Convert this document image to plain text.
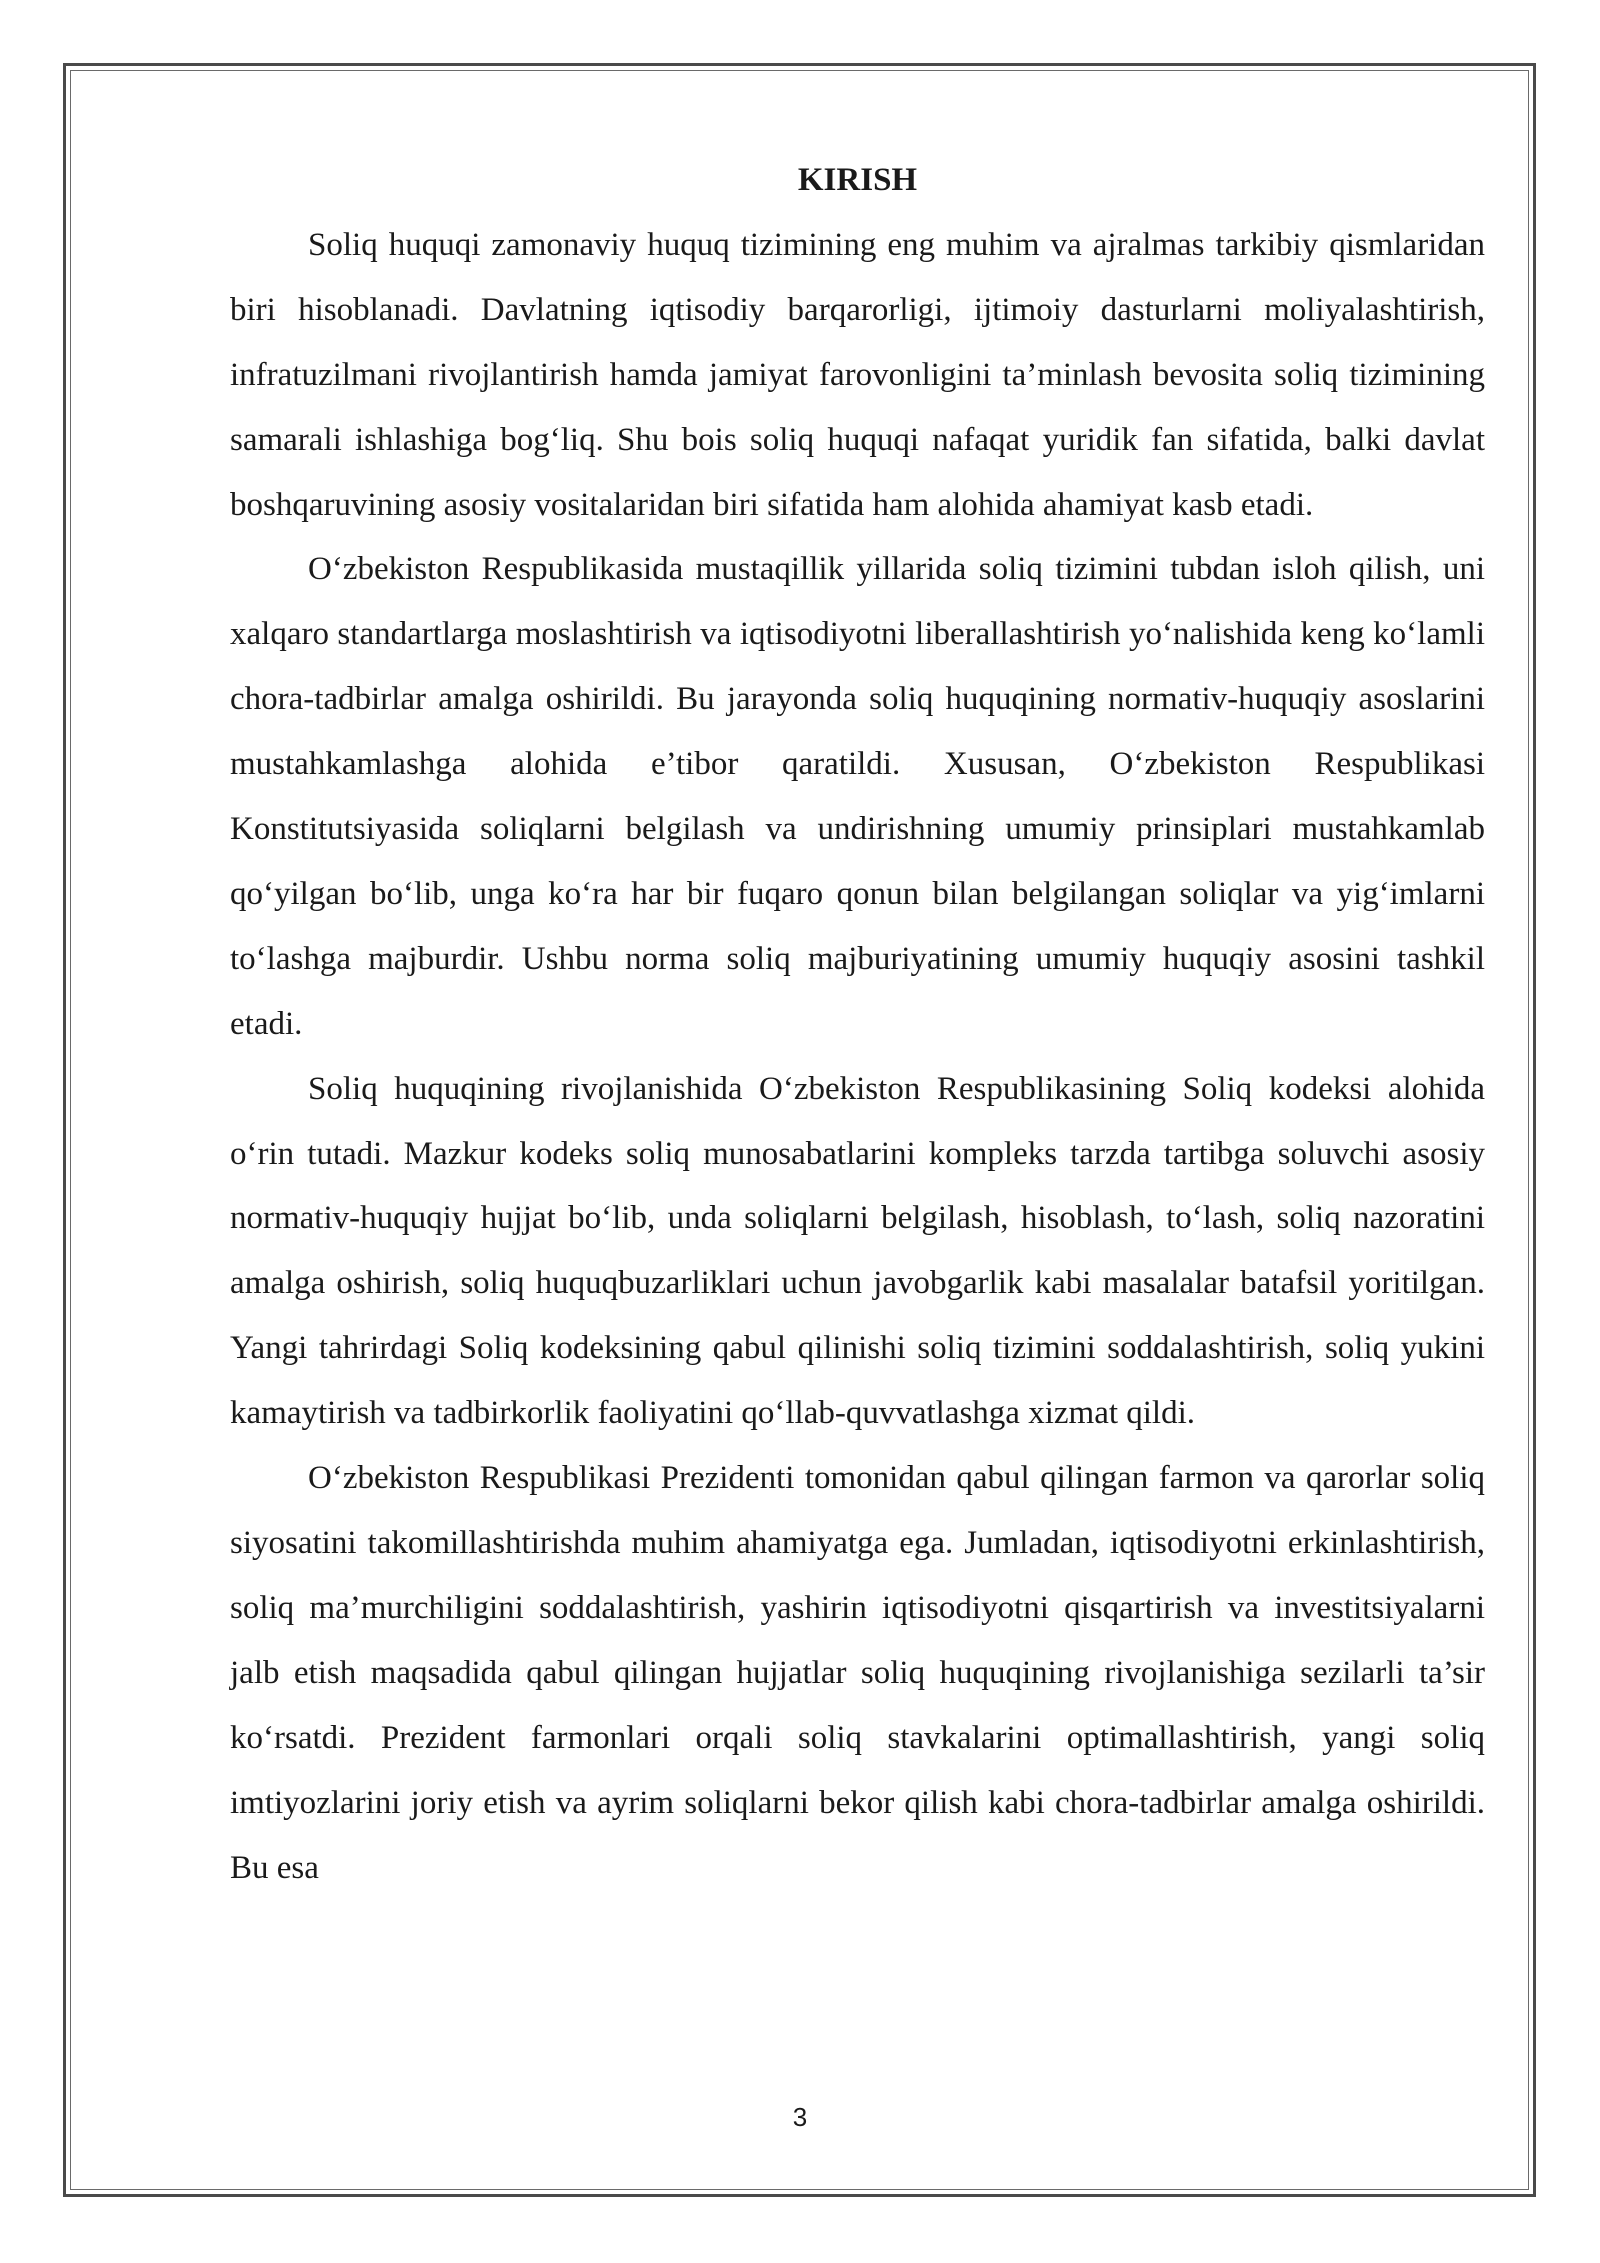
KIRISH

Soliq huquqi zamonaviy huquq tizimining eng muhim va ajralmas tarkibiy qismlaridan biri hisoblanadi. Davlatning iqtisodiy barqarorligi, ijtimoiy dasturlarni moliyalashtirish, infratuzilmani rivojlantirish hamda jamiyat farovonligini ta’minlash bevosita soliq tizimining samarali ishlashiga bog‘liq. Shu bois soliq huquqi nafaqat yuridik fan sifatida, balki davlat boshqaruvining asosiy vositalaridan biri sifatida ham alohida ahamiyat kasb etadi.

O‘zbekiston Respublikasida mustaqillik yillarida soliq tizimini tubdan isloh qilish, uni xalqaro standartlarga moslashtirish va iqtisodiyotni liberallashtirish yo‘nalishida keng ko‘lamli chora-tadbirlar amalga oshirildi. Bu jarayonda soliq huquqining normativ-huquqiy asoslarini mustahkamlashga alohida e’tibor qaratildi. Xususan, O‘zbekiston Respublikasi Konstitutsiyasida soliqlarni belgilash va undirishning umumiy prinsiplari mustahkamlab qo‘yilgan bo‘lib, unga ko‘ra har bir fuqaro qonun bilan belgilangan soliqlar va yig‘imlarni to‘lashga majburdir. Ushbu norma soliq majburiyatining umumiy huquqiy asosini tashkil etadi.

Soliq huquqining rivojlanishida O‘zbekiston Respublikasining Soliq kodeksi alohida o‘rin tutadi. Mazkur kodeks soliq munosabatlarini kompleks tarzda tartibga soluvchi asosiy normativ-huquqiy hujjat bo‘lib, unda soliqlarni belgilash, hisoblash, to‘lash, soliq nazoratini amalga oshirish, soliq huquqbuzarliklari uchun javobgarlik kabi masalalar batafsil yoritilgan. Yangi tahrirdagi Soliq kodeksining qabul qilinishi soliq tizimini soddalashtirish, soliq yukini kamaytirish va tadbirkorlik faoliyatini qo‘llab-quvvatlashga xizmat qildi.

O‘zbekiston Respublikasi Prezidenti tomonidan qabul qilingan farmon va qarorlar soliq siyosatini takomillashtirishda muhim ahamiyatga ega. Jumladan, iqtisodiyotni erkinlashtirish, soliq ma’murchiligini soddalashtirish, yashirin iqtisodiyotni qisqartirish va investitsiyalarni jalb etish maqsadida qabul qilingan hujjatlar soliq huquqining rivojlanishiga sezilarli ta’sir ko‘rsatdi. Prezident farmonlari orqali soliq stavkalarini optimallashtirish, yangi soliq imtiyozlarini joriy etish va ayrim soliqlarni bekor qilish kabi chora-tadbirlar amalga oshirildi. Bu esa

3
